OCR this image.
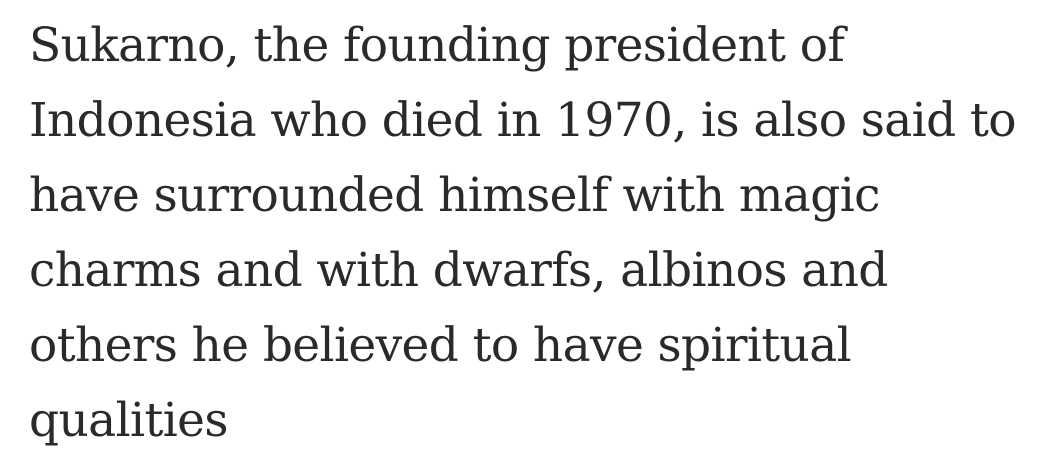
Sukarno, the founding president of
Indonesia who died in 1970, is also said to
have surrounded himself with magic
charms and with dwarfs, albinos and
others he believed to have spiritual
qualities
